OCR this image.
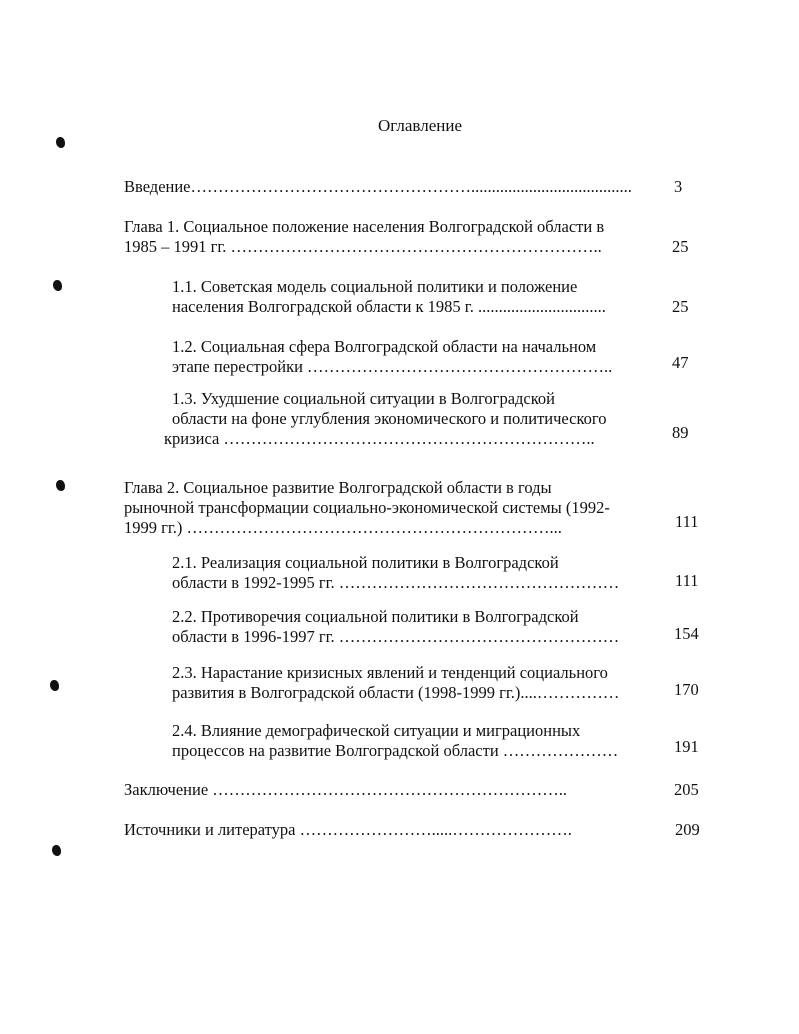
Оглавление
Введение…………………………………………….......................................	3
Глава 1. Социальное положение населения Волгоградской области в
1985 – 1991 гг. …………………………………………………………..	25
1.1. Советская модель социальной политики и положение
населения Волгоградской области к 1985 г. ...............................	25
1.2. Социальная сфера Волгоградской области на начальном
этапе перестройки ………………………………………………..	47
1.3. Ухудшение социальной ситуации в Волгоградской
области на фоне углубления экономического и политического
кризиса …………………………………………………………..	89
Глава 2. Социальное развитие Волгоградской области в годы
рыночной трансформации социально-экономической системы (1992-
1999 гг.) …………………………………………………………...	111
2.1. Реализация социальной политики в Волгоградской
области в 1992-1995 гг. ……………………………………………	111
2.2. Противоречия социальной политики в Волгоградской
области в 1996-1997 гг. ……………………………………………	154
2.3. Нарастание кризисных явлений и тенденций социального
развития в Волгоградской области (1998-1999 гг.)....……………	170
2.4. Влияние демографической ситуации и миграционных
процессов на развитие Волгоградской области …………………	191
Заключение ………………………………………………………..	205
Источники и литература …………………….....………………….	209
